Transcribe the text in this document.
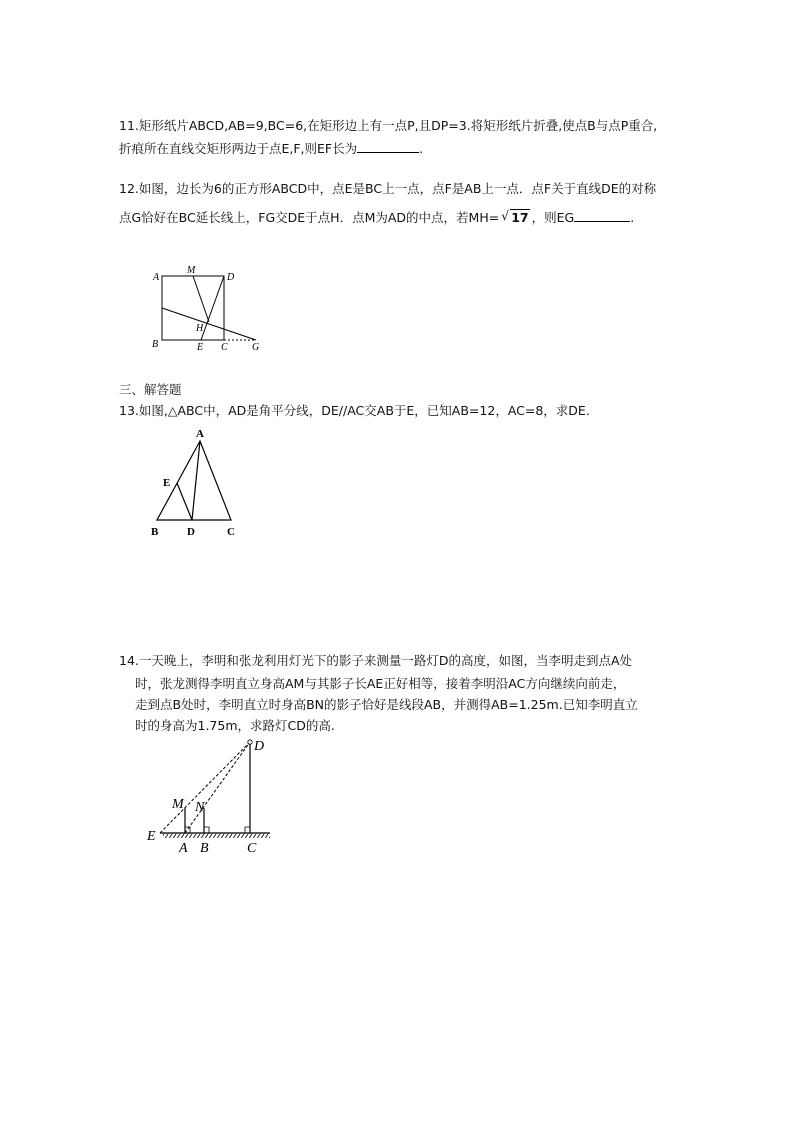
11.矩形纸片ABCD,AB=9,BC=6,在矩形边上有一点P,且DP=3.将矩形纸片折叠,使点B与点P重合,
折痕所在直线交矩形两边于点E,F,则EF长为	.
12.如图，边长为6的正方形ABCD中，点E是BC上一点，点F是AB上一点．点F关于直线DE的对称
点G恰好在BC延长线上，FG交DE于点H．点M为AD的中点，若MH= √ 17 ，则EG	.
A
M
D
H
B	E C G
三、解答题
13.如图,△ABC中，AD是角平分线，DE//AC交AB于E，已知AB=12，AC=8，求DE.
A
E
B	D	C
14.一天晚上，李明和张龙利用灯光下的影子来测量一路灯D的高度，如图，当李明走到点A处
时，张龙测得李明直立身高AM与其影子长AE正好相等，接着李明沿AC方向继续向前走，
走到点B处时，李明直立时身高BN的影子恰好是线段AB，并测得AB=1.25m.已知李明直立
时的身高为1.75m，求路灯CD的高.
D
M N
E
A B	C
